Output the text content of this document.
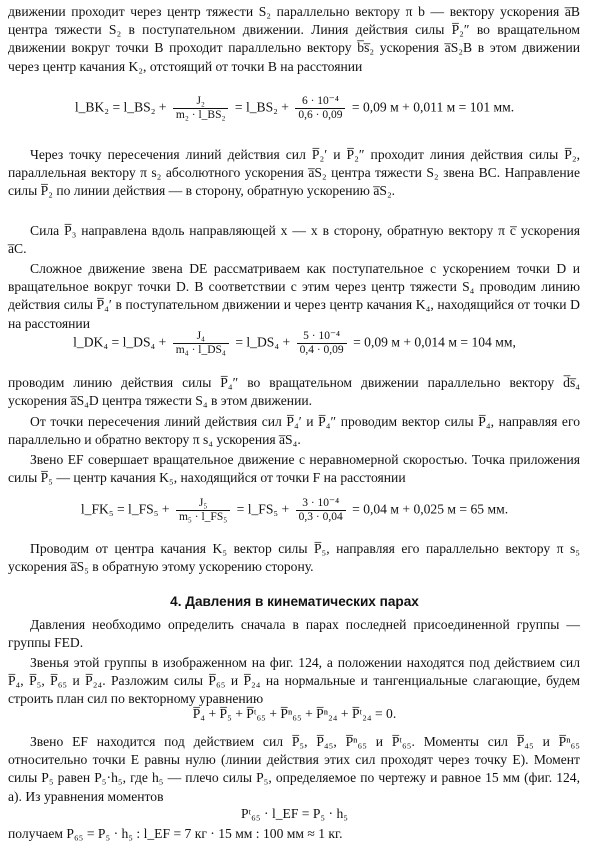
движении проходит через центр тяжести S₂ параллельно вектору π b — вектору ускорения a̅B центра тяжести S₂ в поступательном движении. Линия действия силы P̅₂″ во вращательном движении вокруг точки B проходит параллельно вектору b̅s̅₂ ускорения a̅S₂B в этом движении через центр качания K₂, отстоящий от точки B на расстоянии

l_BK₂ = l_BS₂ + $\frac{\text{J₂}}{\text{m₂ · l\_BS₂}}$ = l_BS₂ + $\frac{\text{6 · 10⁻⁴}}{0,6 \cdot 0,09} = 0,09$ м + 0,011 м = 101 мм.

Через точку пересечения линий действия сил P̅₂′ и P̅₂″ проходит линия действия силы P̅₂, параллельная вектору π s₂ абсолютного ускорения a̅S₂ центра тяжести S₂ звена BC. Направление силы P̅₂ по линии действия — в сторону, обратную ускорению a̅S₂.

Сила P̅₃ направлена вдоль направляющей x — x в сторону, обратную вектору π c̅ ускорения a̅C.

Сложное движение звена DE рассматриваем как поступательное с ускорением точки D и вращательное вокруг точки D. В соответствии с этим через центр тяжести S₄ проводим линию действия силы P̅₄′ в поступательном движении и через центр качания K₄, находящийся от точки D на расстоянии

l_DK₄ = l_DS₄ + $\frac{\text{J₄}}{\text{m₄ · l\_DS₄}}$ = l_DS₄ + $\frac{\text{5 · 10⁻⁴}}{0,4 \cdot 0,09} = 0,09$ м + 0,014 м = 104 мм,

проводим линию действия силы P̅₄″ во вращательном движении параллельно вектору d̅s̅₄ ускорения a̅S₄D центра тяжести S₄ в этом движении.

От точки пересечения линий действия сил P̅₄′ и P̅₄″ проводим вектор силы P̅₄, направляя его параллельно и обратно вектору π s₄ ускорения a̅S₄.

Звено EF совершает вращательное движение с неравномерной скоростью. Точка приложения силы P̅₅ — центр качания K₅, находящийся от точки F на расстоянии

l_FK₅ = l_FS₅ + $\frac{\text{J₅}}{\text{m₅ · l\_FS₅}}$ = l_FS₅ + $\frac{\text{3 · 10⁻⁴}}{0,3 \cdot 0,04} = 0,04$ м + 0,025 м = 65 мм.

Проводим от центра качания K₅ вектор силы P̅₅, направляя его параллельно вектору π s₅ ускорения a̅S₅ в обратную этому ускорению сторону.

4. Давления в кинематических парах

Давления необходимо определить сначала в парах последней присоединенной группы — группы FED.

Звенья этой группы в изображенном на фиг. 124, a положении находятся под действием сил P̅₄, P̅₅, P̅₆₅ и P̅₂₄. Разложим силы P̅₆₅ и P̅₂₄ на нормальные и тангенциальные слагающие, будем строить план сил по векторному уравнению

P̅₄ + P̅₅ + P̅ᵗ₆₅ + P̅ⁿ₆₅ + P̅ⁿ₂₄ + P̅ᵗ₂₄ = 0.

Звено EF находится под действием сил P̅₅, P̅₄₅, P̅ⁿ₆₅ и P̅ᵗ₆₅. Моменты сил P̅₄₅ и P̅ⁿ₆₅ относительно точки E равны нулю (линии действия этих сил проходят через точку E). Момент силы P₅ равен P₅·h₅, где h₅ — плечо силы P₅, определяемое по чертежу и равное 15 мм (фиг. 124, a). Из уравнения моментов

Pᵗ₆₅ · l_EF = P₅ · h₅
получаем P₆₅ = P₅ · h₅ : l_EF = 7 кг · 15 мм : 100 мм ≈ 1 кг.
